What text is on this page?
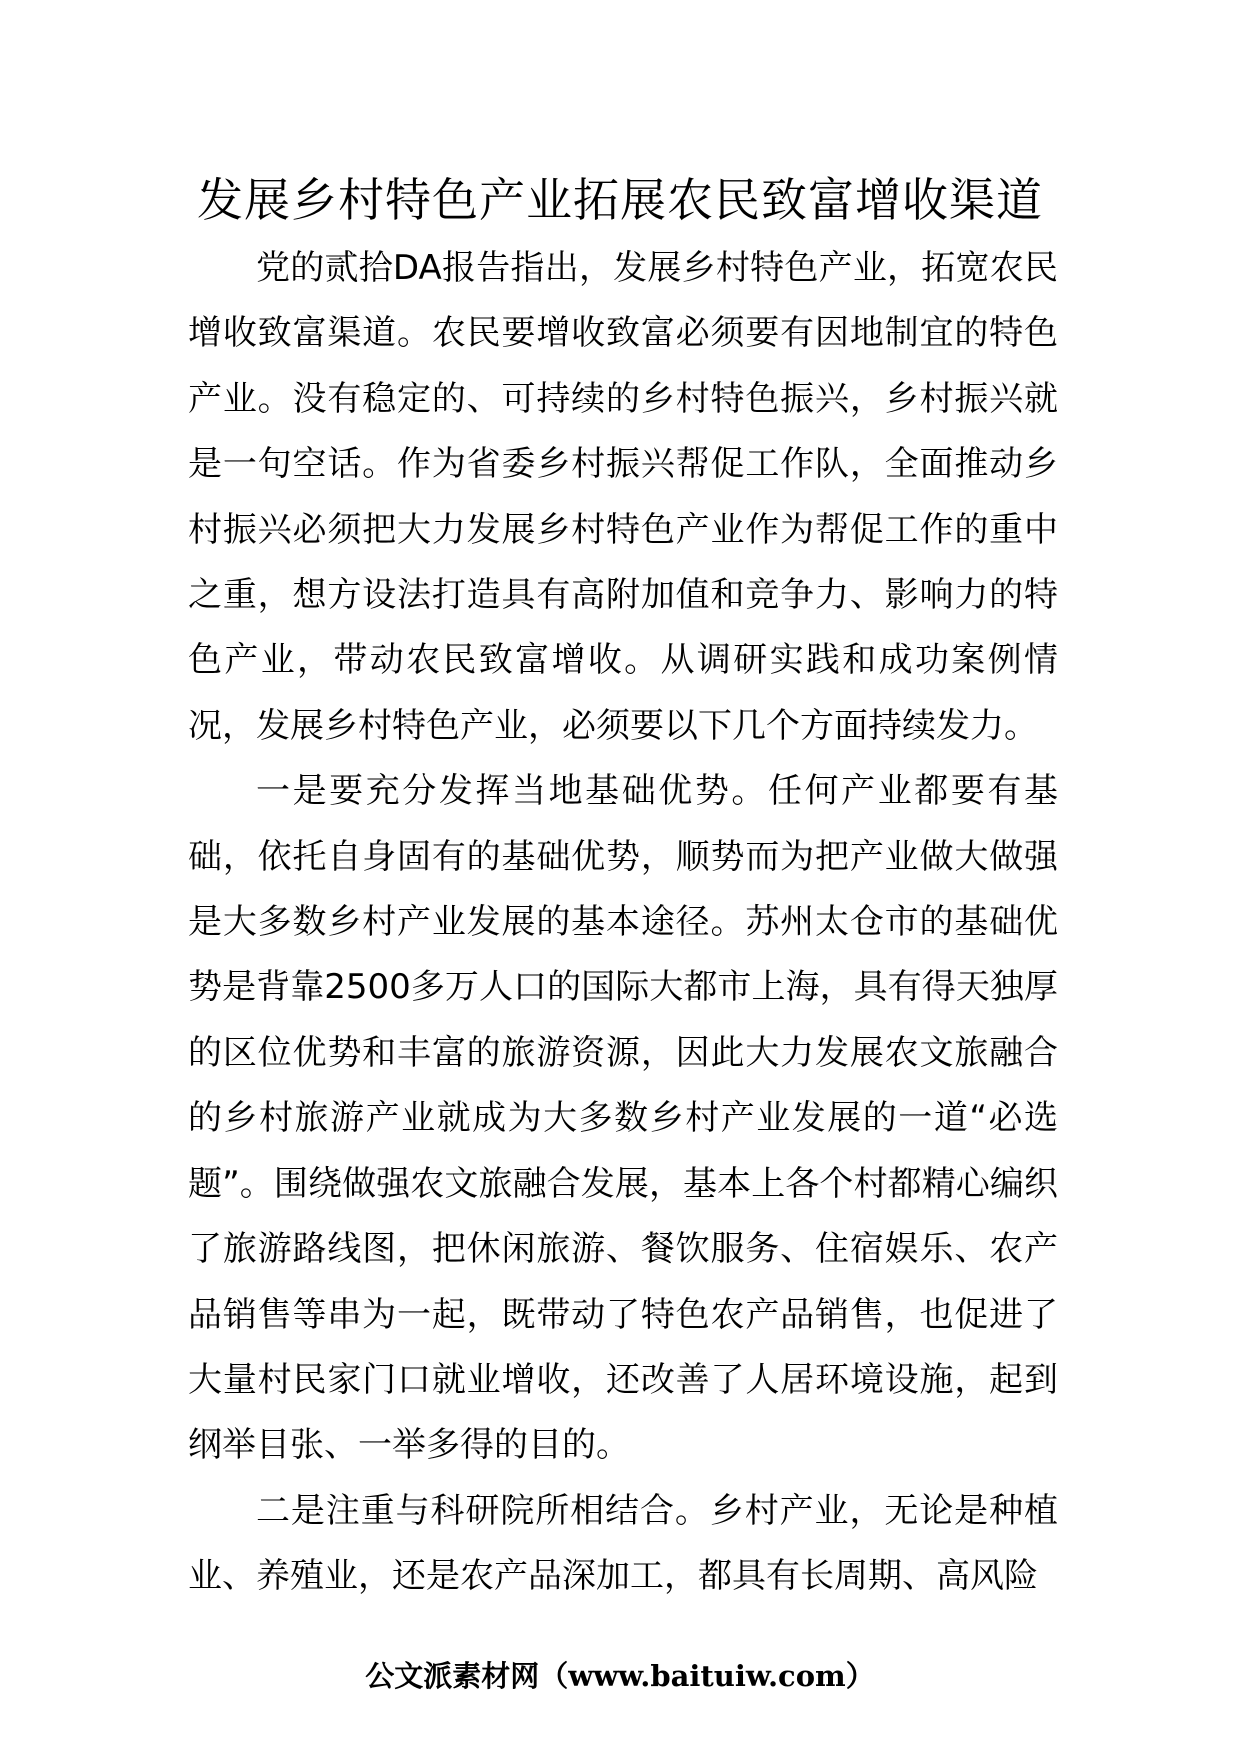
发展乡村特色产业拓展农民致富增收渠道

党的贰拾DA报告指出，发展乡村特色产业，拓宽农民增收致富渠道。农民要增收致富必须要有因地制宜的特色产业。没有稳定的、可持续的乡村特色振兴，乡村振兴就是一句空话。作为省委乡村振兴帮促工作队，全面推动乡村振兴必须把大力发展乡村特色产业作为帮促工作的重中之重，想方设法打造具有高附加值和竞争力、影响力的特色产业，带动农民致富增收。从调研实践和成功案例情况，发展乡村特色产业，必须要以下几个方面持续发力。

一是要充分发挥当地基础优势。任何产业都要有基础，依托自身固有的基础优势，顺势而为把产业做大做强是大多数乡村产业发展的基本途径。苏州太仓市的基础优势是背靠2500多万人口的国际大都市上海，具有得天独厚的区位优势和丰富的旅游资源，因此大力发展农文旅融合的乡村旅游产业就成为大多数乡村产业发展的一道“必选题”。围绕做强农文旅融合发展，基本上各个村都精心编织了旅游路线图，把休闲旅游、餐饮服务、住宿娱乐、农产品销售等串为一起，既带动了特色农产品销售，也促进了大量村民家门口就业增收，还改善了人居环境设施，起到纲举目张、一举多得的目的。

二是注重与科研院所相结合。乡村产业，无论是种植业、养殖业，还是农产品深加工，都具有长周期、高风险

公文派素材网（www.baituiw.com）
